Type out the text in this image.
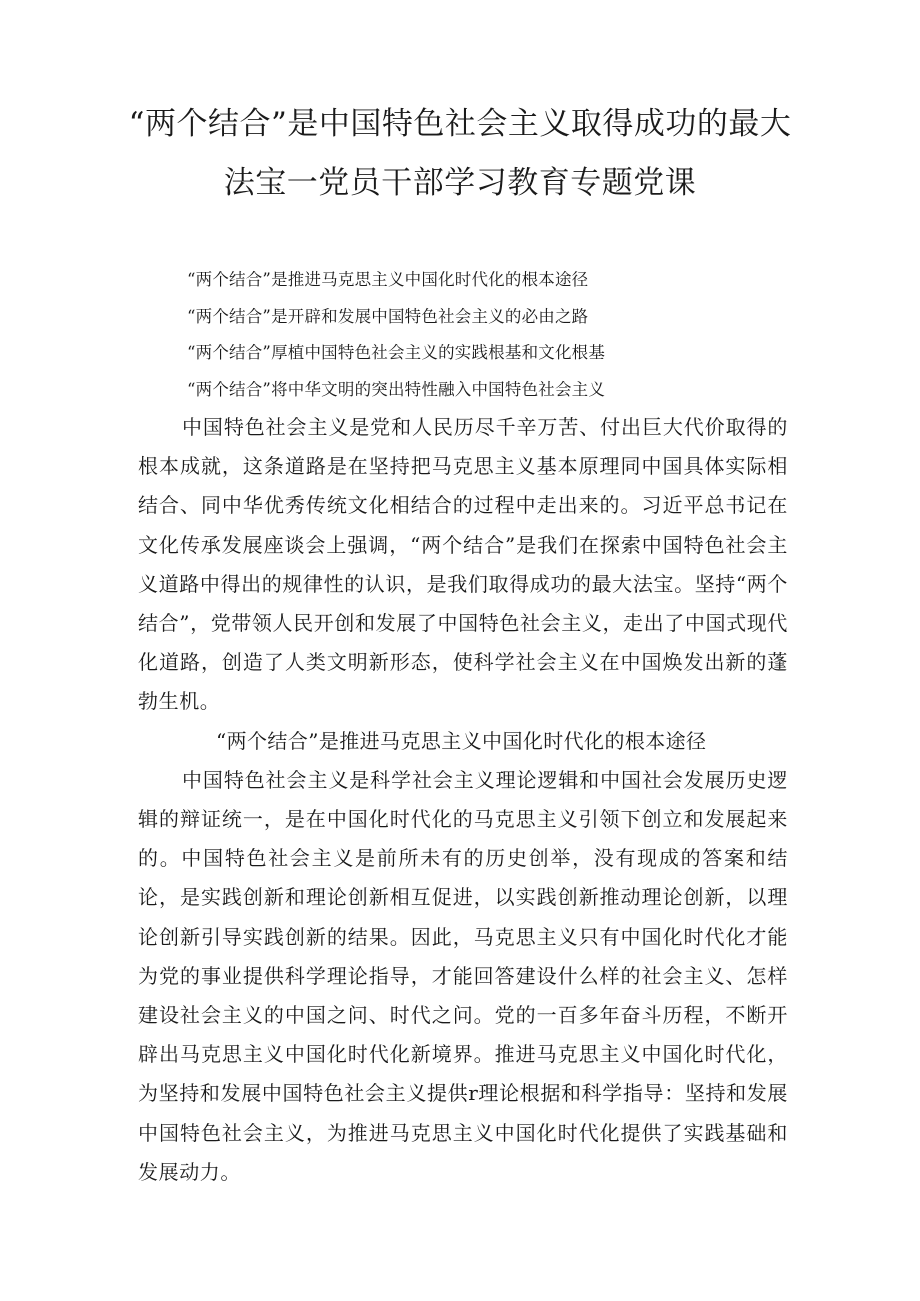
“两个结合”是中国特色社会主义取得成功的最大
法宝一党员干部学习教育专题党课
“两个结合”是推进马克思主义中国化时代化的根本途径
“两个结合”是开辟和发展中国特色社会主义的必由之路
“两个结合”厚植中国特色社会主义的实践根基和文化根基
“两个结合”将中华文明的突出特性融入中国特色社会主义

中国特色社会主义是党和人民历尽千辛万苦、付出巨大代价取得的根本成就，这条道路是在坚持把马克思主义基本原理同中国具体实际相结合、同中华优秀传统文化相结合的过程中走出来的。习近平总书记在文化传承发展座谈会上强调，“两个结合”是我们在探索中国特色社会主义道路中得出的规律性的认识，是我们取得成功的最大法宝。坚持“两个结合”，党带领人民开创和发展了中国特色社会主义，走出了中国式现代化道路，创造了人类文明新形态，使科学社会主义在中国焕发出新的蓬勃生机。

“两个结合”是推进马克思主义中国化时代化的根本途径

中国特色社会主义是科学社会主义理论逻辑和中国社会发展历史逻辑的辩证统一，是在中国化时代化的马克思主义引领下创立和发展起来的。中国特色社会主义是前所未有的历史创举，没有现成的答案和结论，是实践创新和理论创新相互促进，以实践创新推动理论创新，以理论创新引导实践创新的结果。因此，马克思主义只有中国化时代化才能为党的事业提供科学理论指导，才能回答建设什么样的社会主义、怎样建设社会主义的中国之问、时代之问。党的一百多年奋斗历程，不断开辟出马克思主义中国化时代化新境界。推进马克思主义中国化时代化，为坚持和发展中国特色社会主义提供r理论根据和科学指导：坚持和发展中国特色社会主义，为推进马克思主义中国化时代化提供了实践基础和发展动力。
